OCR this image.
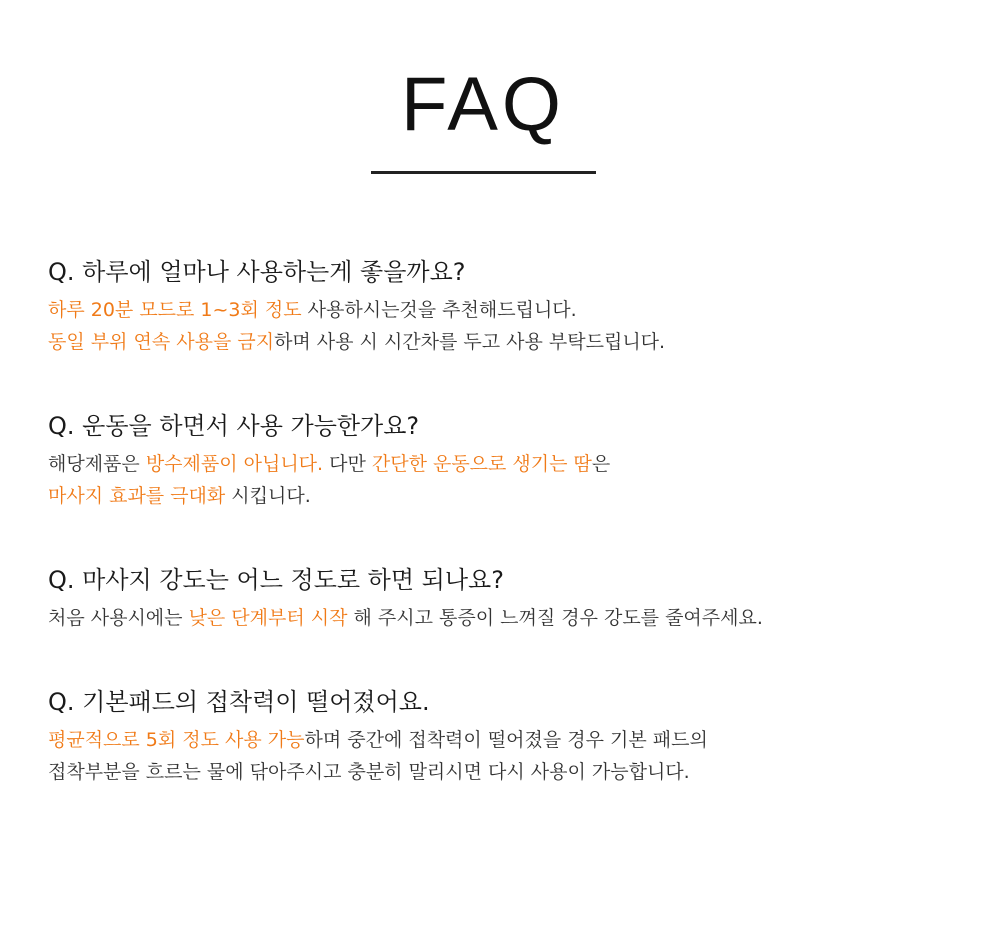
FAQ
Q. 하루에 얼마나 사용하는게 좋을까요?
하루 20분 모드로 1~3회 정도 사용하시는것을 추천해드립니다.
동일 부위 연속 사용을 금지하며 사용 시 시간차를 두고 사용 부탁드립니다.
Q. 운동을 하면서 사용 가능한가요?
해당제품은 방수제품이 아닙니다. 다만 간단한 운동으로 생기는 땀은
마사지 효과를 극대화 시킵니다.
Q. 마사지 강도는 어느 정도로 하면 되나요?
처음 사용시에는 낮은 단계부터 시작 해 주시고 통증이 느껴질 경우 강도를 줄여주세요.
Q. 기본패드의 접착력이 떨어졌어요.
평균적으로 5회 정도 사용 가능하며 중간에 접착력이 떨어졌을 경우 기본 패드의
접착부분을 흐르는 물에 닦아주시고 충분히 말리시면 다시 사용이 가능합니다.
